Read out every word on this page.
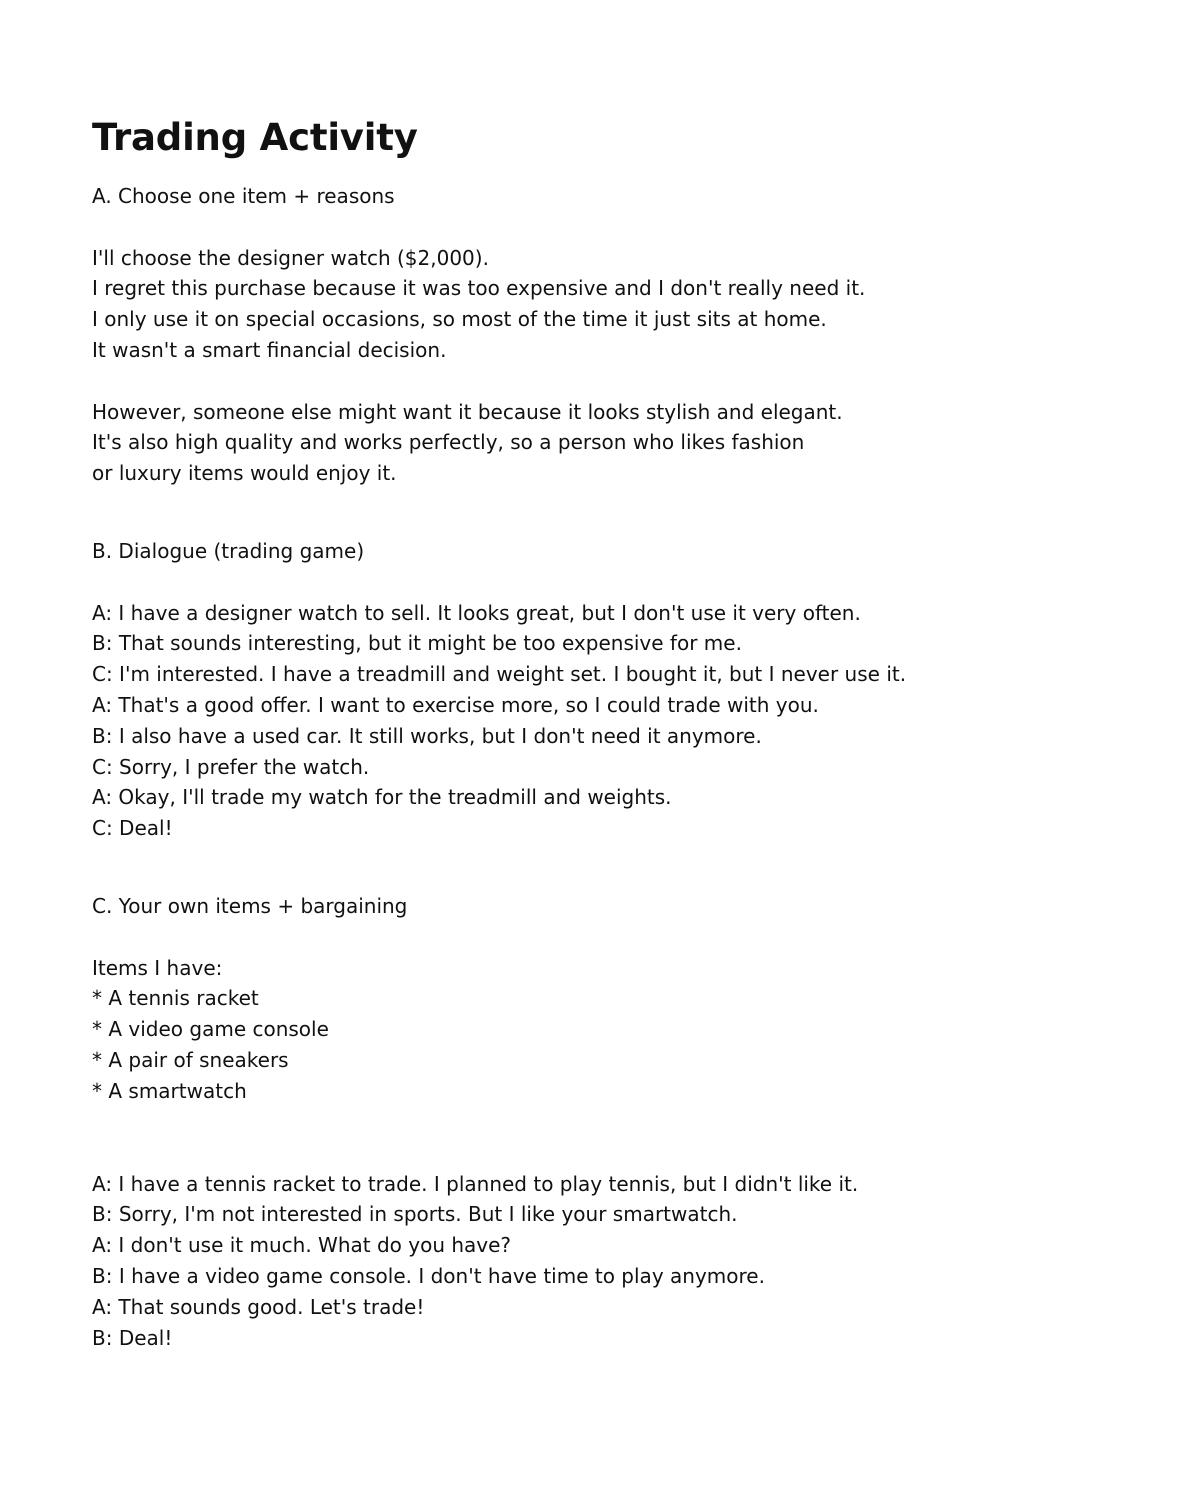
Trading Activity

A. Choose one item + reasons

I'll choose the designer watch ($2,000).

I regret this purchase because it was too expensive and I don't really need it.

I only use it on special occasions, so most of the time it just sits at home.

It wasn't a smart financial decision.

However, someone else might want it because it looks stylish and elegant.

It's also high quality and works perfectly, so a person who likes fashion

or luxury items would enjoy it.

B. Dialogue (trading game)

A: I have a designer watch to sell. It looks great, but I don't use it very often.

B: That sounds interesting, but it might be too expensive for me.

C: I'm interested. I have a treadmill and weight set. I bought it, but I never use it.

A: That's a good offer. I want to exercise more, so I could trade with you.

B: I also have a used car. It still works, but I don't need it anymore.

C: Sorry, I prefer the watch.

A: Okay, I'll trade my watch for the treadmill and weights.

C: Deal!

C. Your own items + bargaining

Items I have:

* A tennis racket

* A video game console

* A pair of sneakers

* A smartwatch

A: I have a tennis racket to trade. I planned to play tennis, but I didn't like it.

B: Sorry, I'm not interested in sports. But I like your smartwatch.

A: I don't use it much. What do you have?

B: I have a video game console. I don't have time to play anymore.

A: That sounds good. Let's trade!

B: Deal!
